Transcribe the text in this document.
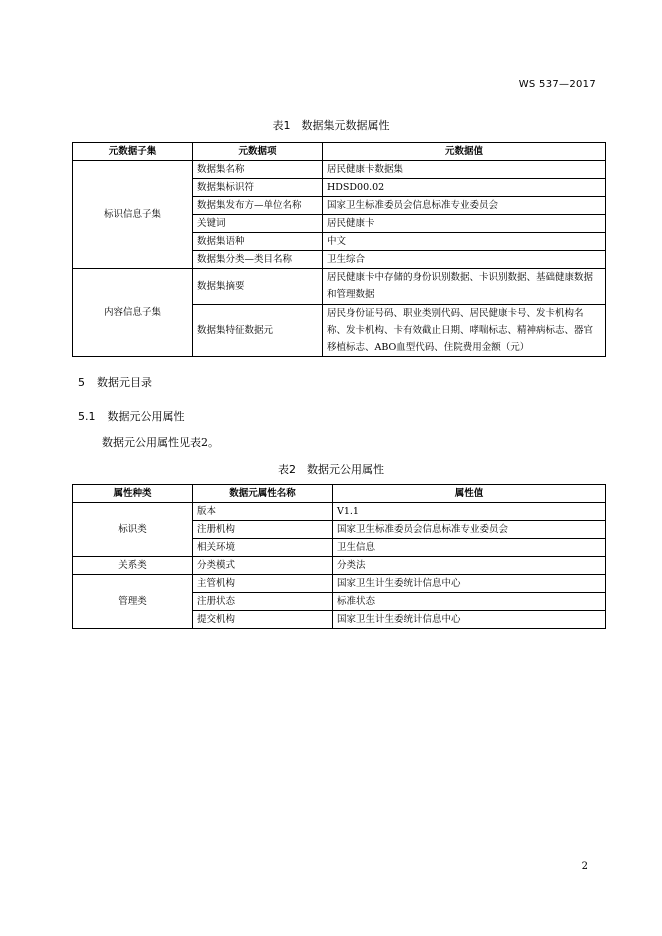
WS 537—2017
表1　数据集元数据属性
元数据子集	元数据项	元数据值
标识信息子集	数据集名称	居民健康卡数据集
	数据集标识符	HDSD00.02
	数据集发布方—单位名称	国家卫生标准委员会信息标准专业委员会
	关键词	居民健康卡
	数据集语种	中文
	数据集分类—类目名称	卫生综合
内容信息子集	数据集摘要	居民健康卡中存储的身份识别数据、卡识别数据、基础健康数据和管理数据
	数据集特征数据元	居民身份证号码、职业类别代码、居民健康卡号、发卡机构名称、发卡机构、卡有效截止日期、哮喘标志、精神病标志、器官移植标志、ABO血型代码、住院费用金额（元）
5 数据元目录
5.1 数据元公用属性
数据元公用属性见表2。
表2　数据元公用属性
属性种类	数据元属性名称	属性值
标识类	版本	V1.1
	注册机构	国家卫生标准委员会信息标准专业委员会
	相关环境	卫生信息
关系类	分类模式	分类法
管理类	主管机构	国家卫生计生委统计信息中心
	注册状态	标准状态
	提交机构	国家卫生计生委统计信息中心
2
